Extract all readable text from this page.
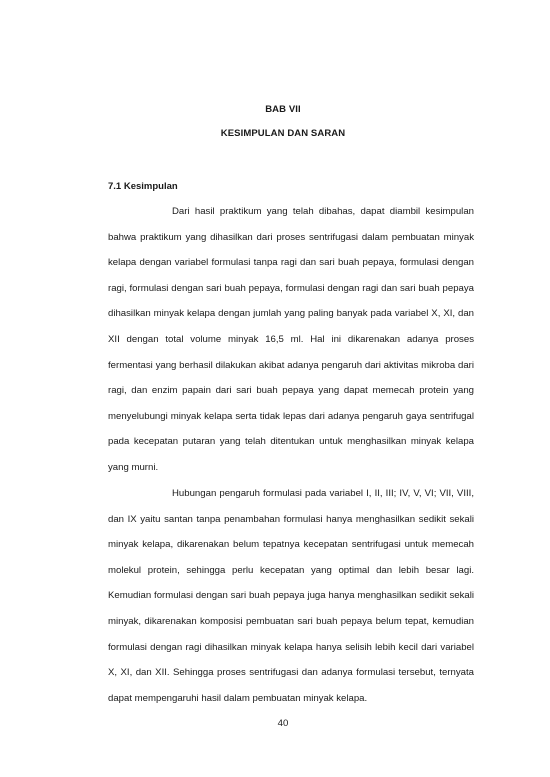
BAB VII
KESIMPULAN DAN SARAN
7.1 Kesimpulan

Dari hasil praktikum yang telah dibahas, dapat diambil kesimpulan bahwa praktikum yang dihasilkan dari proses sentrifugasi dalam pembuatan minyak kelapa dengan variabel formulasi tanpa ragi dan sari buah pepaya, formulasi dengan ragi, formulasi dengan sari buah pepaya, formulasi dengan ragi dan sari buah pepaya dihasilkan minyak kelapa dengan jumlah yang paling banyak pada variabel X, XI, dan XII dengan total volume minyak 16,5 ml. Hal ini dikarenakan adanya proses fermentasi yang berhasil dilakukan akibat adanya pengaruh dari aktivitas mikroba dari ragi, dan enzim papain dari sari buah pepaya yang dapat memecah protein yang menyelubungi minyak kelapa serta tidak lepas dari adanya pengaruh gaya sentrifugal pada kecepatan putaran yang telah ditentukan untuk menghasilkan minyak kelapa yang murni.

Hubungan pengaruh formulasi pada variabel I, II, III; IV, V, VI; VII, VIII, dan IX yaitu santan tanpa penambahan formulasi hanya menghasilkan sedikit sekali minyak kelapa, dikarenakan belum tepatnya kecepatan sentrifugasi untuk memecah molekul protein, sehingga perlu kecepatan yang optimal dan lebih besar lagi. Kemudian formulasi dengan sari buah pepaya juga hanya menghasilkan sedikit sekali minyak, dikarenakan komposisi pembuatan sari buah pepaya belum tepat, kemudian formulasi dengan ragi dihasilkan minyak kelapa hanya selisih lebih kecil dari variabel X, XI, dan XII. Sehingga proses sentrifugasi dan adanya formulasi tersebut, ternyata dapat mempengaruhi hasil dalam pembuatan minyak kelapa.

40
